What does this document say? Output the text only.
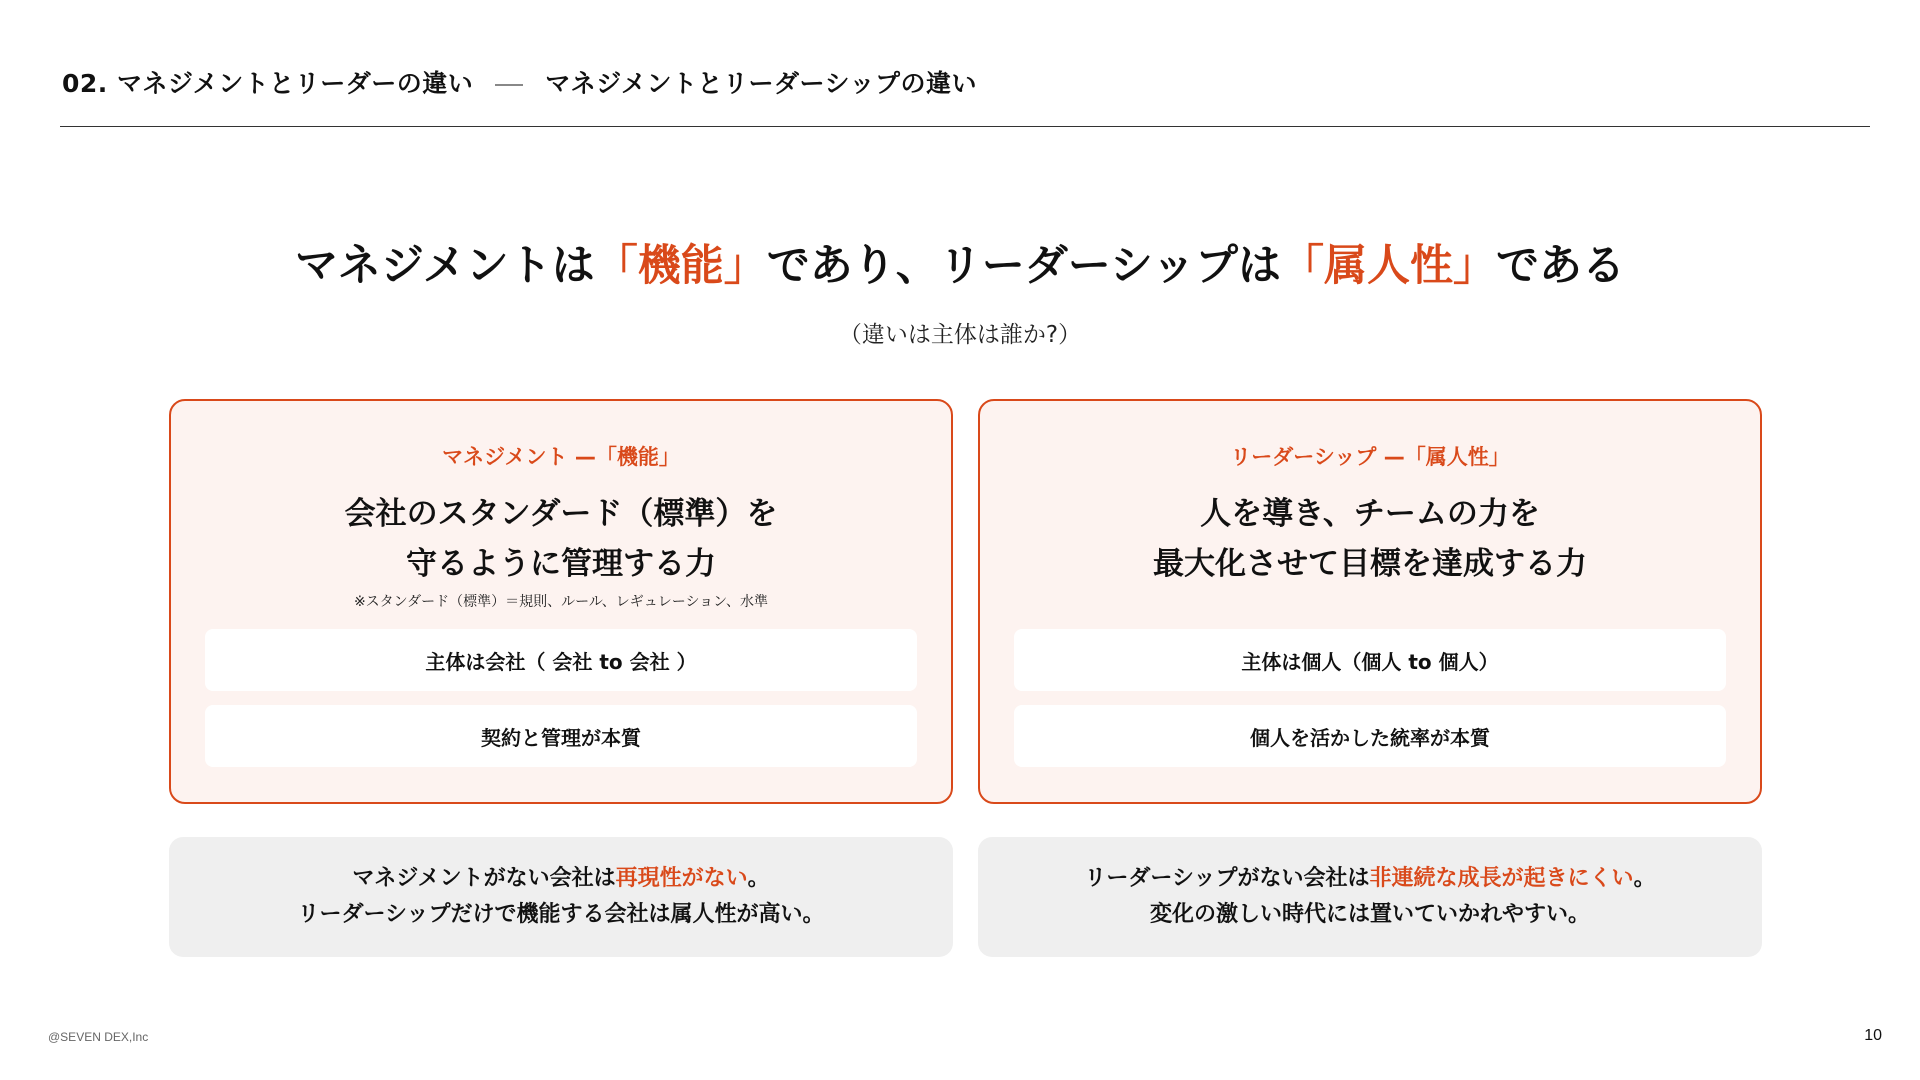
02. マネジメントとリーダーの違い	マネジメントとリーダーシップの違い
マネジメントは「機能」であり、リーダーシップは「属人性」である
（違いは主体は誰か?）
マネジメント —「機能」
会社のスタンダード（標準）を
守るように管理する力
※スタンダード（標準）＝規則、ルール、レギュレーション、水準
主体は会社（ 会社 to 会社 ）
契約と管理が本質
リーダーシップ —「属人性」
人を導き、チームの力を
最大化させて目標を達成する力
主体は個人（個人 to 個人）
個人を活かした統率が本質
マネジメントがない会社は再現性がない。
リーダーシップだけで機能する会社は属人性が高い。
リーダーシップがない会社は非連続な成長が起きにくい。
変化の激しい時代には置いていかれやすい。
@SEVEN DEX,Inc	10
